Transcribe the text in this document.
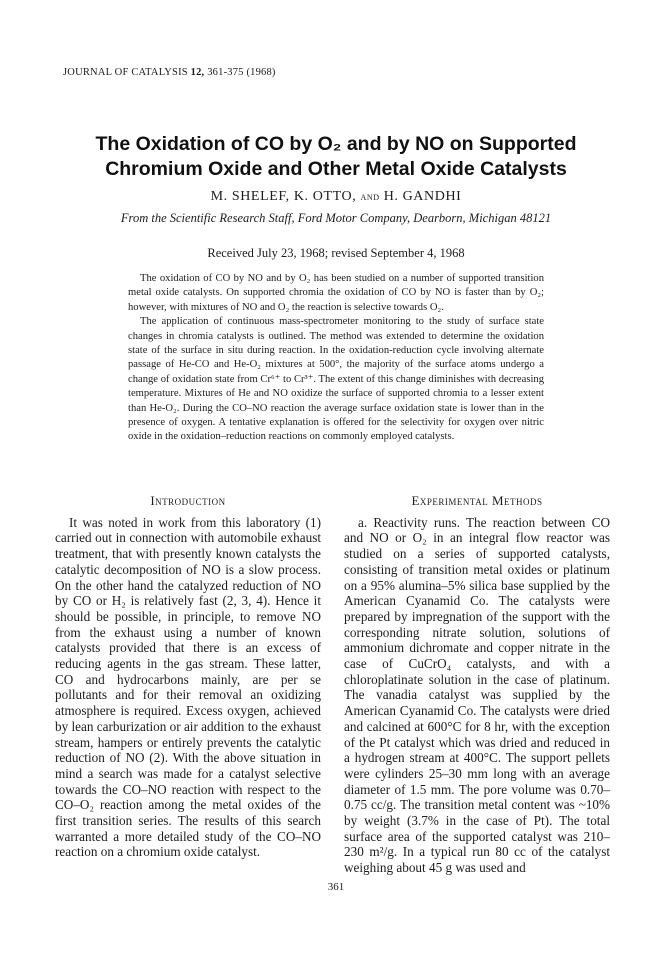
JOURNAL OF CATALYSIS 12, 361-375 (1968)
The Oxidation of CO by O₂ and by NO on Supported
Chromium Oxide and Other Metal Oxide Catalysts
M. SHELEF, K. OTTO, and H. GANDHI
From the Scientific Research Staff, Ford Motor Company, Dearborn, Michigan 48121
Received July 23, 1968; revised September 4, 1968

The oxidation of CO by NO and by O₂ has been studied on a number of supported transition metal oxide catalysts. On supported chromia the oxidation of CO by NO is faster than by O₂; however, with mixtures of NO and O₂ the reaction is selective towards O₂.

The application of continuous mass-spectrometer monitoring to the study of surface state changes in chromia catalysts is outlined. The method was extended to determine the oxidation state of the surface in situ during reaction. In the oxidation-reduction cycle involving alternate passage of He-CO and He-O₂ mixtures at 500°, the majority of the surface atoms undergo a change of oxidation state from Cr⁶⁺ to Cr³⁺. The extent of this change diminishes with decreasing temperature. Mixtures of He and NO oxidize the surface of supported chromia to a lesser extent than He-O₂. During the CO–NO reaction the average surface oxidation state is lower than in the presence of oxygen. A tentative explanation is offered for the selectivity for oxygen over nitric oxide in the oxidation–reduction reactions on commonly employed catalysts.

Introduction

It was noted in work from this laboratory (1) carried out in connection with automobile exhaust treatment, that with presently known catalysts the catalytic decomposition of NO is a slow process. On the other hand the catalyzed reduction of NO by CO or H₂ is relatively fast (2, 3, 4). Hence it should be possible, in principle, to remove NO from the exhaust using a number of known catalysts provided that there is an excess of reducing agents in the gas stream. These latter, CO and hydrocarbons mainly, are per se pollutants and for their removal an oxidizing atmosphere is required. Excess oxygen, achieved by lean carburization or air addition to the exhaust stream, hampers or entirely prevents the catalytic reduction of NO (2). With the above situation in mind a search was made for a catalyst selective towards the CO–NO reaction with respect to the CO–O₂ reaction among the metal oxides of the first transition series. The results of this search warranted a more detailed study of the CO–NO reaction on a chromium oxide catalyst.

Experimental Methods

a. Reactivity runs. The reaction between CO and NO or O₂ in an integral flow reactor was studied on a series of supported catalysts, consisting of transition metal oxides or platinum on a 95% alumina–5% silica base supplied by the American Cyanamid Co. The catalysts were prepared by impregnation of the support with the corresponding nitrate solution, solutions of ammonium dichromate and copper nitrate in the case of CuCrO₄ catalysts, and with a chloroplatinate solution in the case of platinum. The vanadia catalyst was supplied by the American Cyanamid Co. The catalysts were dried and calcined at 600°C for 8 hr, with the exception of the Pt catalyst which was dried and reduced in a hydrogen stream at 400°C. The support pellets were cylinders 25–30 mm long with an average diameter of 1.5 mm. The pore volume was 0.70–0.75 cc/g. The transition metal content was ~10% by weight (3.7% in the case of Pt). The total surface area of the supported catalyst was 210–230 m²/g. In a typical run 80 cc of the catalyst weighing about 45 g was used and

361
